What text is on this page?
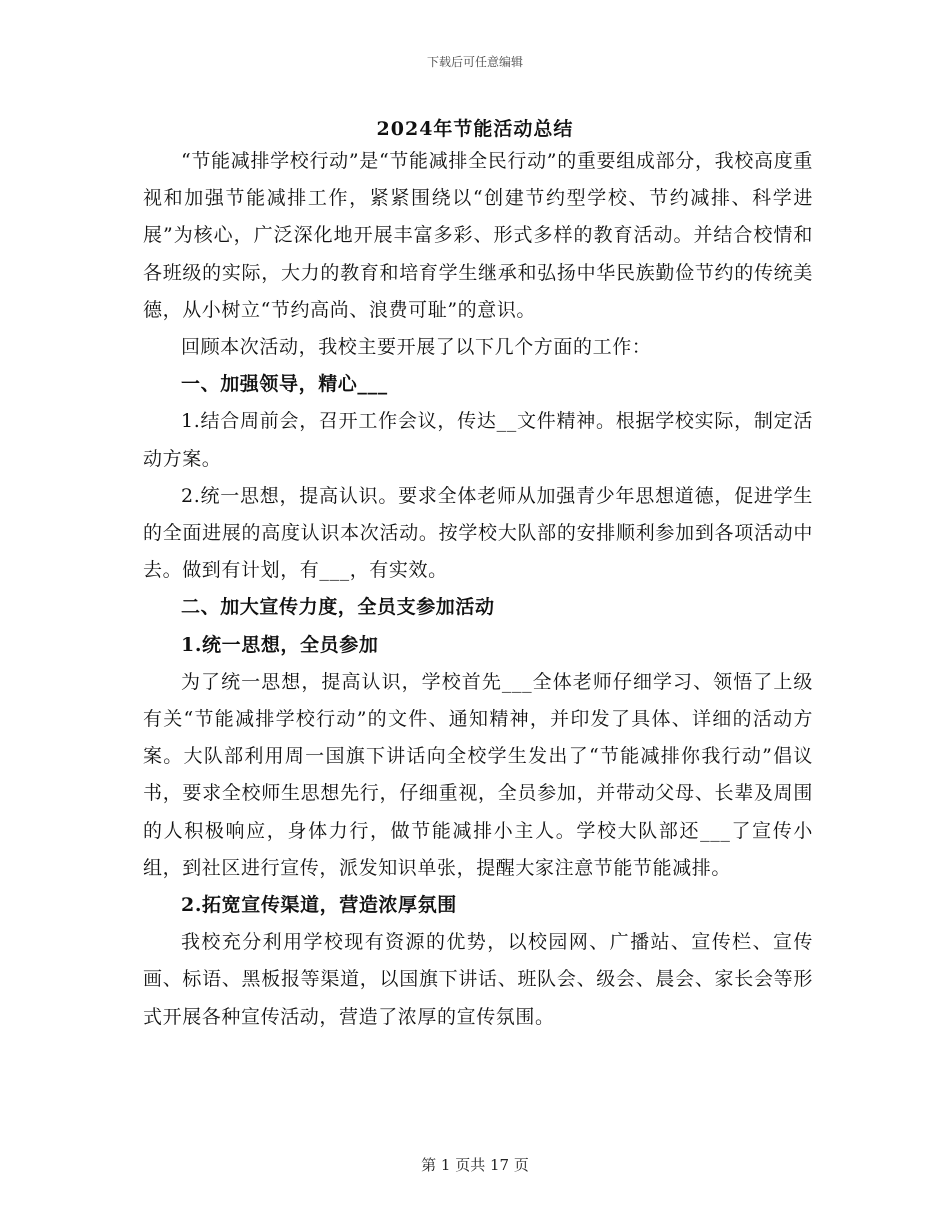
下载后可任意编辑
2024年节能活动总结

“节能减排学校行动”是“节能减排全民行动”的重要组成部分，我校高度重视和加强节能减排工作，紧紧围绕以“创建节约型学校、节约减排、科学进展”为核心，广泛深化地开展丰富多彩、形式多样的教育活动。并结合校情和各班级的实际，大力的教育和培育学生继承和弘扬中华民族勤俭节约的传统美德，从小树立“节约高尚、浪费可耻”的意识。

回顾本次活动，我校主要开展了以下几个方面的工作：

一、加强领导，精心___

1.结合周前会，召开工作会议，传达__文件精神。根据学校实际，制定活动方案。

2.统一思想，提高认识。要求全体老师从加强青少年思想道德，促进学生的全面进展的高度认识本次活动。按学校大队部的安排顺利参加到各项活动中去。做到有计划，有___，有实效。

二、加大宣传力度，全员支参加活动

1.统一思想，全员参加

为了统一思想，提高认识，学校首先___全体老师仔细学习、领悟了上级有关“节能减排学校行动”的文件、通知精神，并印发了具体、详细的活动方案。大队部利用周一国旗下讲话向全校学生发出了“节能减排你我行动”倡议书，要求全校师生思想先行，仔细重视，全员参加，并带动父母、长辈及周围的人积极响应，身体力行，做节能减排小主人。学校大队部还___了宣传小组，到社区进行宣传，派发知识单张，提醒大家注意节能节能减排。

2.拓宽宣传渠道，营造浓厚氛围

我校充分利用学校现有资源的优势，以校园网、广播站、宣传栏、宣传画、标语、黑板报等渠道，以国旗下讲话、班队会、级会、晨会、家长会等形式开展各种宣传活动，营造了浓厚的宣传氛围。

第 1 页共 17 页
